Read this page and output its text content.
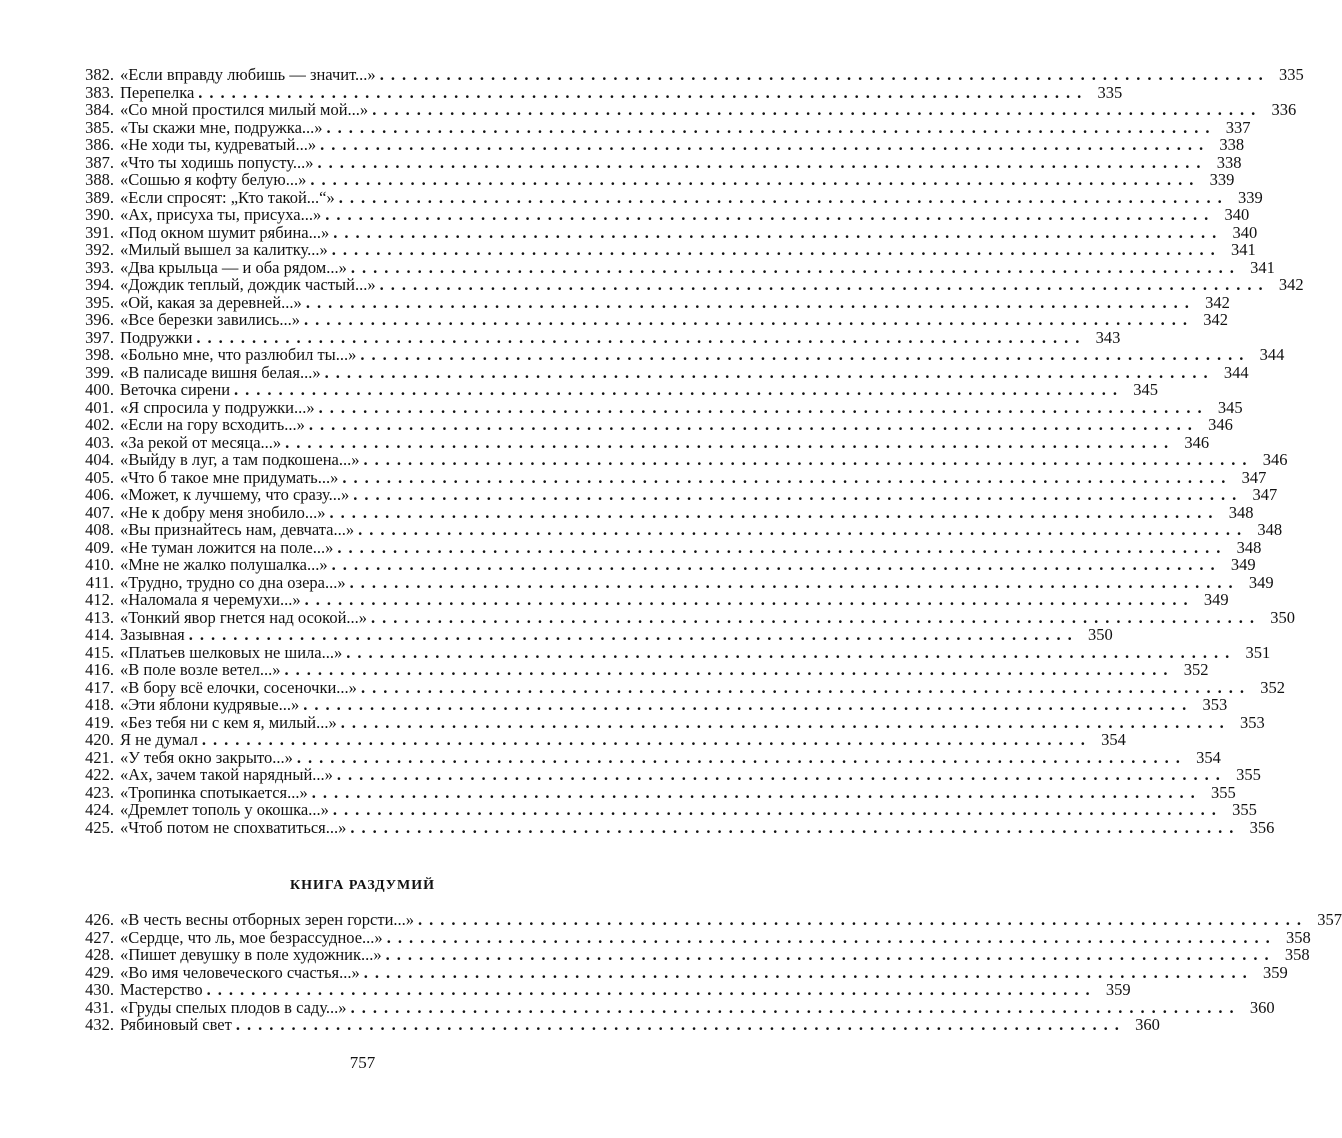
382. «Если вправду любишь — значит...» ................................................................................ 335
383. Перепелка ................................................................................ 335
384. «Со мной простился милый мой...» ................................................................................ 336
385. «Ты скажи мне, подружка...» ................................................................................ 337
386. «Не ходи ты, кудреватый...» ................................................................................ 338
387. «Что ты ходишь попусту...» ................................................................................ 338
388. «Сошью я кофту белую...» ................................................................................ 339
389. «Если спросят: „Кто такой...“» ................................................................................ 339
390. «Ах, присуха ты, присуха...» ................................................................................ 340
391. «Под окном шумит рябина...» ................................................................................ 340
392. «Милый вышел за калитку...» ................................................................................ 341
393. «Два крыльца — и оба рядом...» ................................................................................ 341
394. «Дождик теплый, дождик частый...» ................................................................................ 342
395. «Ой, какая за деревней...» ................................................................................ 342
396. «Все березки завились...» ................................................................................ 342
397. Подружки ................................................................................ 343
398. «Больно мне, что разлюбил ты...» ................................................................................ 344
399. «В палисаде вишня белая...» ................................................................................ 344
400. Веточка сирени ................................................................................ 345
401. «Я спросила у подружки...» ................................................................................ 345
402. «Если на гору всходить...» ................................................................................ 346
403. «За рекой от месяца...» ................................................................................ 346
404. «Выйду в луг, а там подкошена...» ................................................................................ 346
405. «Что б такое мне придумать...» ................................................................................ 347
406. «Может, к лучшему, что сразу...» ................................................................................ 347
407. «Не к добру меня знобило...» ................................................................................ 348
408. «Вы признайтесь нам, девчата...» ................................................................................ 348
409. «Не туман ложится на поле...» ................................................................................ 348
410. «Мне не жалко полушалка...» ................................................................................ 349
411. «Трудно, трудно со дна озера...» ................................................................................ 349
412. «Наломала я черемухи...» ................................................................................ 349
413. «Тонкий явор гнется над осокой...» ................................................................................ 350
414. Зазывная ................................................................................ 350
415. «Платьев шелковых не шила...» ................................................................................ 351
416. «В поле возле ветел...» ................................................................................ 352
417. «В бору всё елочки, сосеночки...» ................................................................................ 352
418. «Эти яблони кудрявые...» ................................................................................ 353
419. «Без тебя ни с кем я, милый...» ................................................................................ 353
420. Я не думал ................................................................................ 354
421. «У тебя окно закрыто...» ................................................................................ 354
422. «Ах, зачем такой нарядный...» ................................................................................ 355
423. «Тропинка спотыкается...» ................................................................................ 355
424. «Дремлет тополь у окошка...» ................................................................................ 355
425. «Чтоб потом не спохватиться...» ................................................................................ 356
КНИГА РАЗДУМИЙ
426. «В честь весны отборных зерен горсти...» ................................................................................ 357
427. «Сердце, что ль, мое безрассудное...» ................................................................................ 358
428. «Пишет девушку в поле художник...» ................................................................................ 358
429. «Во имя человеческого счастья...» ................................................................................ 359
430. Мастерство ................................................................................ 359
431. «Груды спелых плодов в саду...» ................................................................................ 360
432. Рябиновый свет ................................................................................ 360
757
